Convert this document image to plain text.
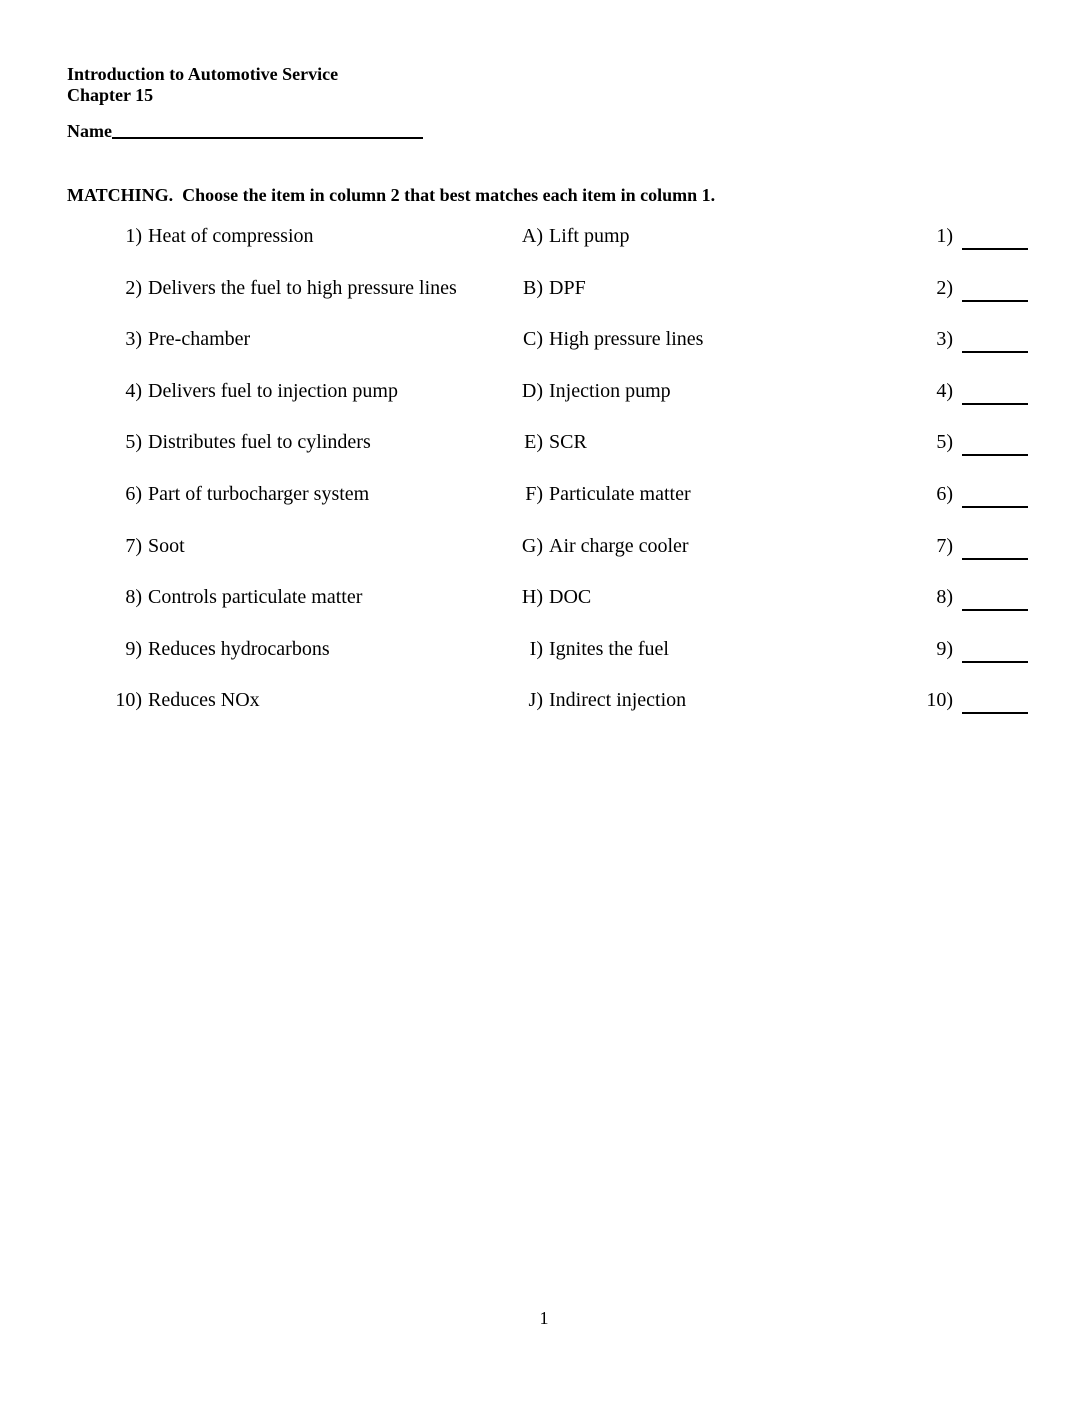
Introduction to Automotive Service
Chapter 15
Name
MATCHING.  Choose the item in column 2 that best matches each item in column 1.
1) Heat of compression	A) Lift pump	1)
2) Delivers the fuel to high pressure lines	B) DPF	2)
3) Pre-chamber	C) High pressure lines	3)
4) Delivers fuel to injection pump	D) Injection pump	4)
5) Distributes fuel to cylinders	E) SCR	5)
6) Part of turbocharger system	F) Particulate matter	6)
7) Soot	G) Air charge cooler	7)
8) Controls particulate matter	H) DOC	8)
9) Reduces hydrocarbons	I) Ignites the fuel	9)
10) Reduces NOx	J) Indirect injection	10)
1
